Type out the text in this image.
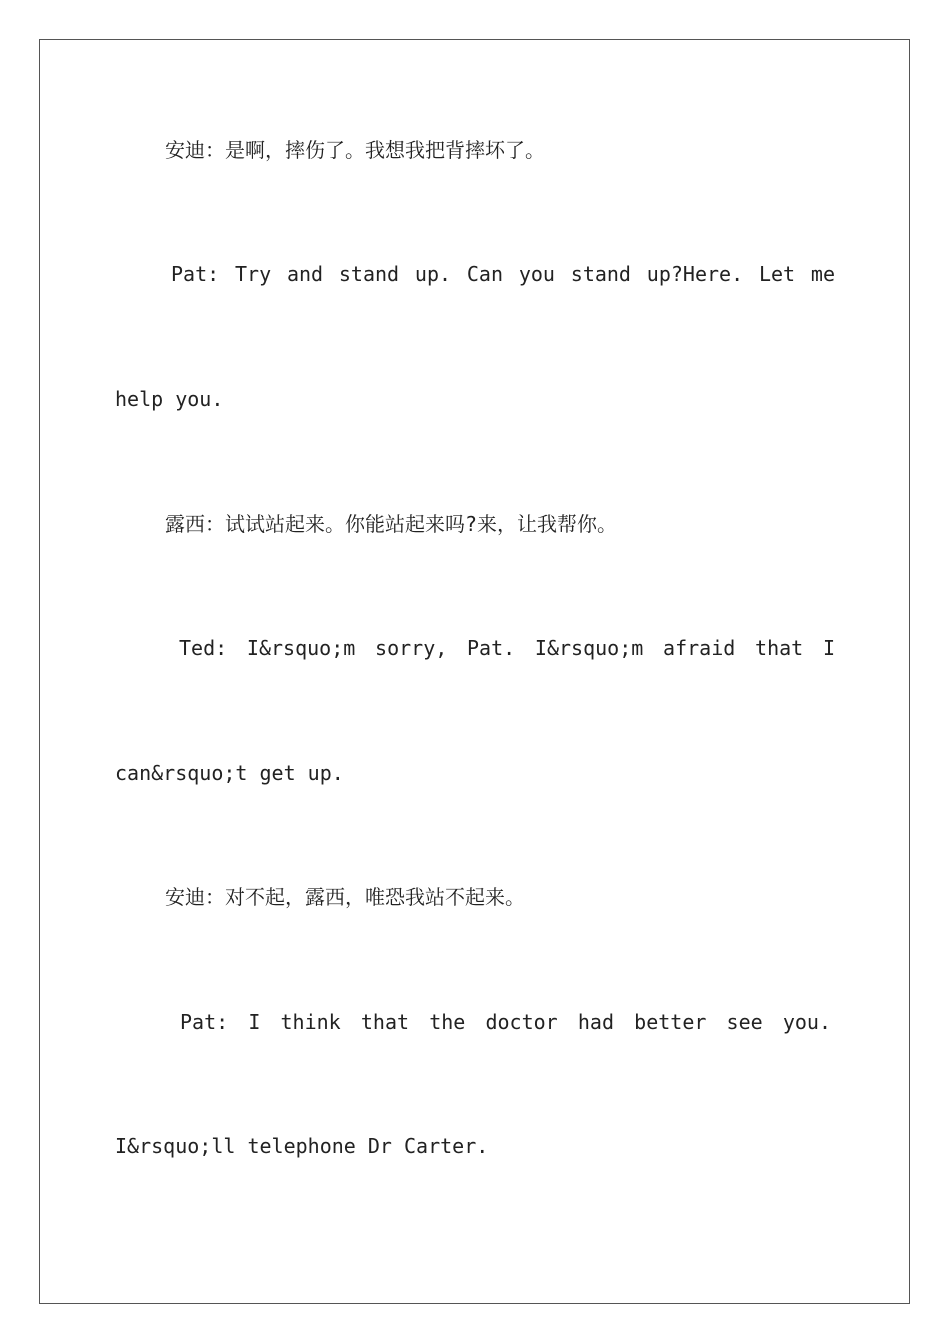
安迪：是啊，摔伤了。我想我把背摔坏了。
Pat: Try and stand up. Can you stand up?Here. Let me
help you.
露西：试试站起来。你能站起来吗?来，让我帮你。
Ted: I&rsquo;m sorry, Pat. I&rsquo;m afraid that I
can&rsquo;t get up.
安迪：对不起，露西，唯恐我站不起来。
Pat: I think that the doctor had better see you.
I&rsquo;ll telephone Dr Carter.
